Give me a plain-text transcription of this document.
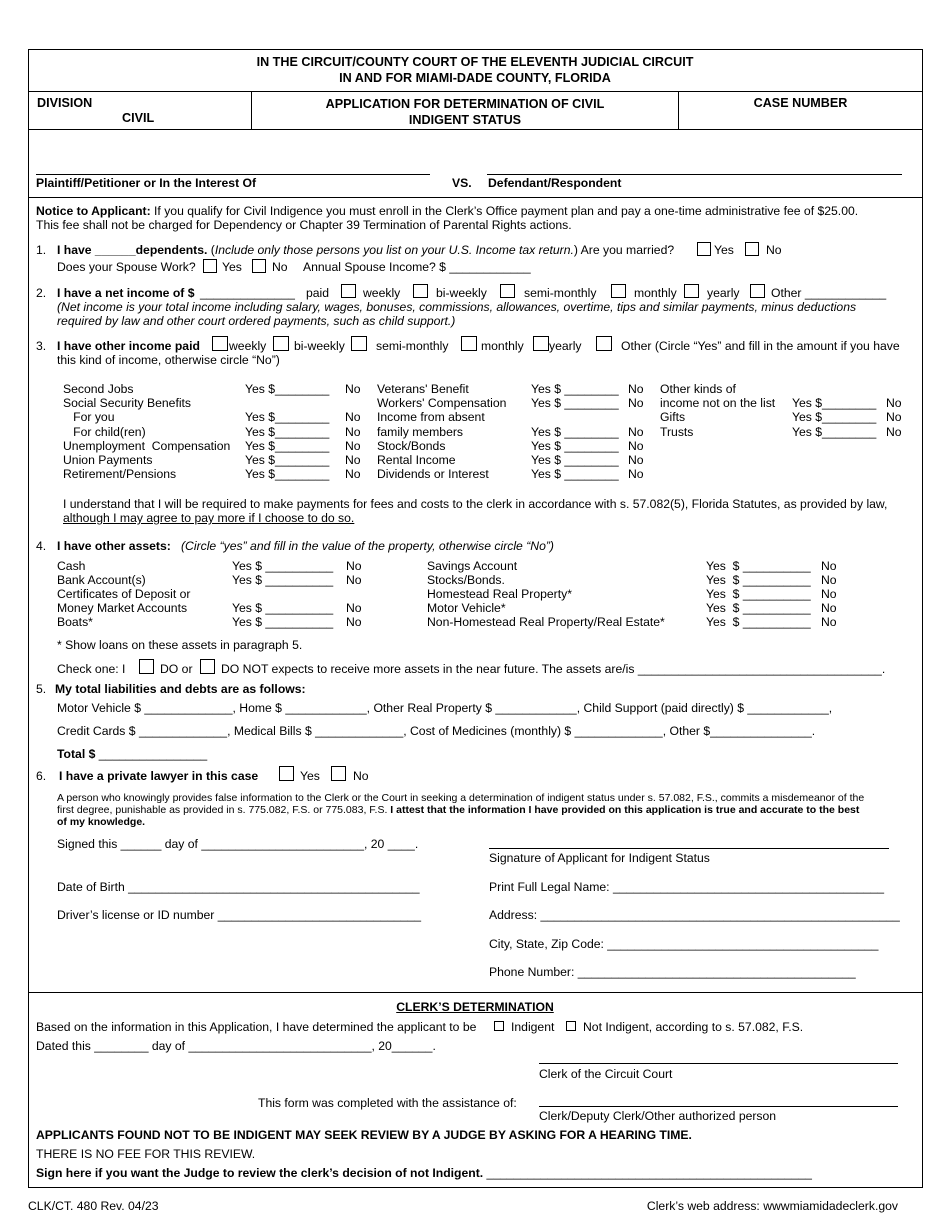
IN THE CIRCUIT/COUNTY COURT OF THE ELEVENTH JUDICIAL CIRCUIT
IN AND FOR MIAMI-DADE COUNTY, FLORIDA
DIVISION
CIVIL
APPLICATION FOR DETERMINATION OF CIVIL
INDIGENT STATUS
CASE NUMBER
Plaintiff/Petitioner or In the Interest Of	VS. Defendant/Respondent
Notice to Applicant: If you qualify for Civil Indigence you must enroll in the Clerk’s Office payment plan and pay a one-time administrative fee of $25.00.
This fee shall not be charged for Dependency or Chapter 39 Termination of Parental Rights actions.
1. I have ______dependents. (Include only those persons you list on your U.S. Income tax return.) Are you married?	Yes	No
Does your Spouse Work? Yes No Annual Spouse Income? $ ____________
2. I have a net income of $ ______________ paid	weekly	bi-weekly	semi-monthly	monthly yearly	Other ____________
(Net income is your total income including salary, wages, bonuses, commissions, allowances, overtime, tips and similar payments, minus deductions
required by law and other court ordered payments, such as child support.)
3. I have other income paid weekly bi-weekly	semi-monthly	monthly yearly	Other (Circle “Yes” and fill in the amount if you have
this kind of income, otherwise circle “No”)
Second Jobs	Yes $________ No
Social Security Benefits
For you	Yes $________ No
For child(ren)	Yes $________ No
Unemployment  Compensation Yes $________ No
Union Payments	Yes $________ No
Retirement/Pensions	Yes $________ No
Veterans' Benefit	Yes $ ________ No
Workers' Compensation Yes $ ________ No
Income from absent
family members	Yes $ ________ No
Stock/Bonds	Yes $ ________ No
Rental Income	Yes $ ________ No
Dividends or Interest	Yes $ ________ No
Other kinds of
income not on the list Yes $________ No
Gifts	Yes $________ No
Trusts	Yes $________ No
I understand that I will be required to make payments for fees and costs to the clerk in accordance with s. 57.082(5), Florida Statutes, as provided by law,
although I may agree to pay more if I choose to do so.
4. I have other assets: (Circle “yes” and fill in the value of the property, otherwise circle “No”)
Cash	Yes $ __________ No
Bank Account(s)	Yes $ __________ No
Certificates of Deposit or
Money Market Accounts	Yes $ __________ No
Boats*	Yes $ __________ No
Savings Account	Yes  $ __________ No
Stocks/Bonds.	Yes  $ __________ No
Homestead Real Property*	Yes  $ __________ No
Motor Vehicle*	Yes  $ __________ No
Non-Homestead Real Property/Real Estate*	Yes  $ __________ No
* Show loans on these assets in paragraph 5.
Check one: I	DO or DO NOT expects to receive more assets in the near future. The assets are/is ____________________________________.
5. My total liabilities and debts are as follows:
Motor Vehicle $ _____________, Home $ ____________, Other Real Property $ ____________, Child Support (paid directly) $ ____________,
Credit Cards $ _____________, Medical Bills $ _____________, Cost of Medicines (monthly) $ _____________, Other $_______________.
Total $ ________________
6. I have a private lawyer in this case	Yes	No
A person who knowingly provides false information to the Clerk or the Court in seeking a determination of indigent status under s. 57.082, F.S., commits a misdemeanor of the
first degree, punishable as provided in s. 775.082, F.S. or 775.083, F.S. I attest that the information I have provided on this application is true and accurate to the best
of my knowledge.
Signed this ______ day of ________________________, 20 ____.
Signature of Applicant for Indigent Status
Date of Birth ___________________________________________	Print Full Legal Name: ________________________________________
Driver’s license or ID number ______________________________	Address: _____________________________________________________
City, State, Zip Code: ________________________________________
Phone Number: _________________________________________
CLERK’S DETERMINATION
Based on the information in this Application, I have determined the applicant to be	Indigent Not Indigent, according to s. 57.082, F.S.
Dated this ________ day of ___________________________, 20______.
Clerk of the Circuit Court
This form was completed with the assistance of:
Clerk/Deputy Clerk/Other authorized person
APPLICANTS FOUND NOT TO BE INDIGENT MAY SEEK REVIEW BY A JUDGE BY ASKING FOR A HEARING TIME.
THERE IS NO FEE FOR THIS REVIEW.
Sign here if you want the Judge to review the clerk’s decision of not Indigent. ________________________________________________
CLK/CT. 480 Rev. 04/23	Clerk’s web address: wwwmiamidadeclerk.gov
